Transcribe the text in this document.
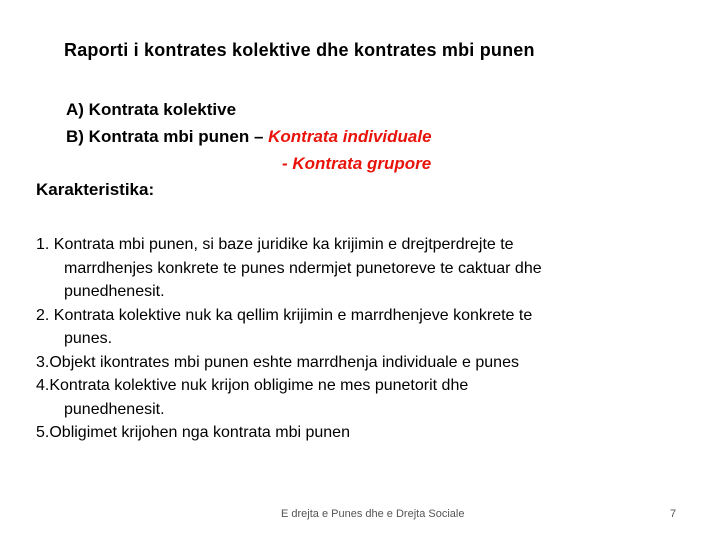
Raporti i kontrates kolektive dhe kontrates mbi punen
A) Kontrata kolektive
B) Kontrata mbi punen – Kontrata individuale
- Kontrata grupore
Karakteristika:
1. Kontrata mbi punen, si baze juridike ka krijimin e drejtperdrejte te
marrdhenjes konkrete te punes ndermjet punetoreve te caktuar dhe
punedhenesit.
2. Kontrata kolektive nuk ka qellim krijimin e marrdhenjeve konkrete te
punes.
3.Objekt ikontrates mbi punen eshte marrdhenja individuale e punes
4.Kontrata kolektive nuk krijon obligime ne mes punetorit dhe
punedhenesit.
5.Obligimet krijohen nga kontrata mbi punen
E drejta e Punes dhe e Drejta Sociale	7
